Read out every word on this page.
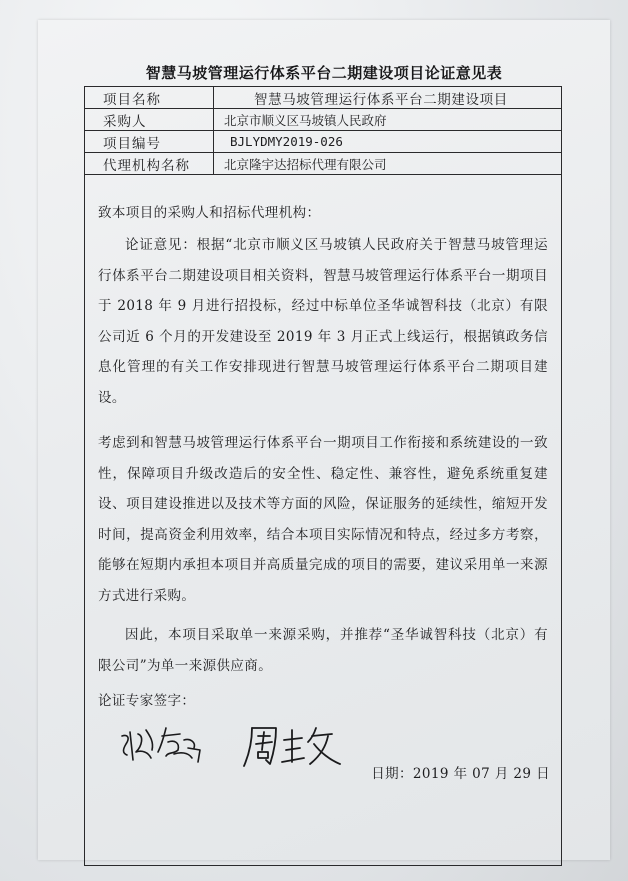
智慧马坡管理运行体系平台二期建设项目论证意见表
项目名称	智慧马坡管理运行体系平台二期建设项目
采购人	北京市顺义区马坡镇人民政府
项目编号	BJLYDMY2019-026
代理机构名称	北京隆宇达招标代理有限公司

致本项目的采购人和招标代理机构：

论证意见：根据“北京市顺义区马坡镇人民政府关于智慧马坡管理运行体系平台二期建设项目相关资料，智慧马坡管理运行体系平台一期项目于 2018 年 9 月进行招投标，经过中标单位圣华诚智科技（北京）有限公司近 6 个月的开发建设至 2019 年 3 月正式上线运行，根据镇政务信息化管理的有关工作安排现进行智慧马坡管理运行体系平台二期项目建设。

考虑到和智慧马坡管理运行体系平台一期项目工作衔接和系统建设的一致性，保障项目升级改造后的安全性、稳定性、兼容性，避免系统重复建设、项目建设推进以及技术等方面的风险，保证服务的延续性，缩短开发时间，提高资金利用效率，结合本项目实际情况和特点，经过多方考察，能够在短期内承担本项目并高质量完成的项目的需要，建议采用单一来源方式进行采购。

因此，本项目采取单一来源采购，并推荐“圣华诚智科技（北京）有限公司”为单一来源供应商。

论证专家签字：

日期：2019 年 07 月 29 日
